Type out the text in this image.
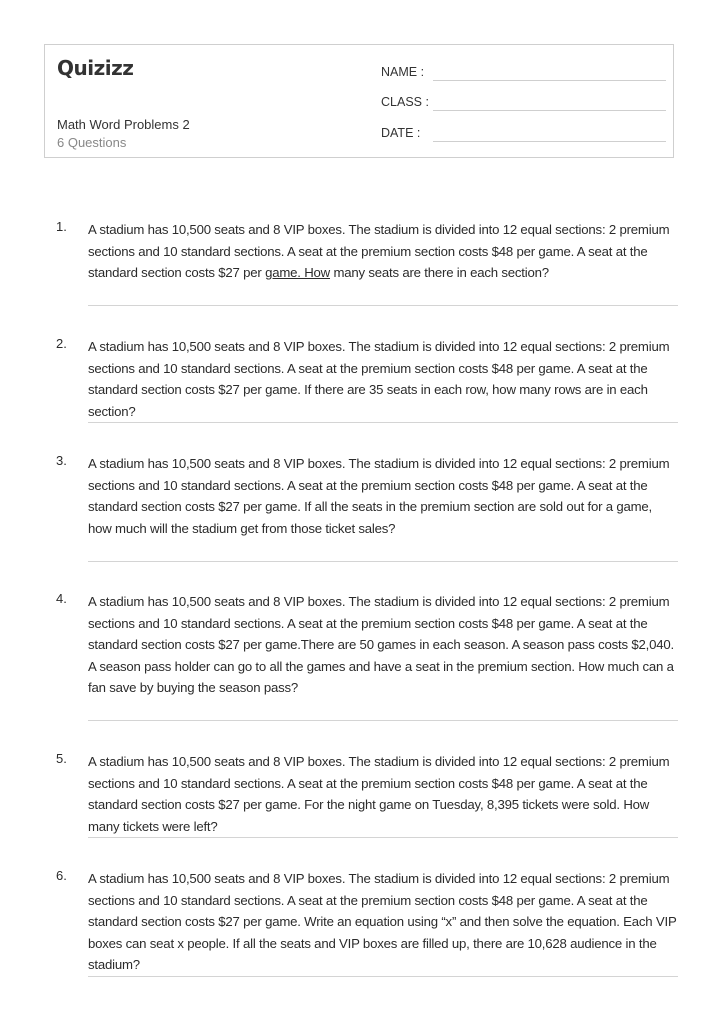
Quizizz
Math Word Problems 2
6 Questions
NAME :
CLASS :
DATE :
1. A stadium has 10,500 seats and 8 VIP boxes. The stadium is divided into 12 equal sections: 2 premium sections and 10 standard sections. A seat at the premium section costs $48 per game. A seat at the standard section costs $27 per game. How many seats are there in each section?
2. A stadium has 10,500 seats and 8 VIP boxes. The stadium is divided into 12 equal sections: 2 premium sections and 10 standard sections. A seat at the premium section costs $48 per game. A seat at the standard section costs $27 per game. If there are 35 seats in each row, how many rows are in each section?
3. A stadium has 10,500 seats and 8 VIP boxes. The stadium is divided into 12 equal sections: 2 premium sections and 10 standard sections. A seat at the premium section costs $48 per game. A seat at the standard section costs $27 per game. If all the seats in the premium section are sold out for a game, how much will the stadium get from those ticket sales?
4. A stadium has 10,500 seats and 8 VIP boxes. The stadium is divided into 12 equal sections: 2 premium sections and 10 standard sections. A seat at the premium section costs $48 per game. A seat at the standard section costs $27 per game.There are 50 games in each season. A season pass costs $2,040. A season pass holder can go to all the games and have a seat in the premium section. How much can a fan save by buying the season pass?
5. A stadium has 10,500 seats and 8 VIP boxes. The stadium is divided into 12 equal sections: 2 premium sections and 10 standard sections. A seat at the premium section costs $48 per game. A seat at the standard section costs $27 per game. For the night game on Tuesday, 8,395 tickets were sold. How many tickets were left?
6. A stadium has 10,500 seats and 8 VIP boxes. The stadium is divided into 12 equal sections: 2 premium sections and 10 standard sections. A seat at the premium section costs $48 per game. A seat at the standard section costs $27 per game. Write an equation using “x” and then solve the equation. Each VIP boxes can seat x people. If all the seats and VIP boxes are filled up, there are 10,628 audience in the stadium?
